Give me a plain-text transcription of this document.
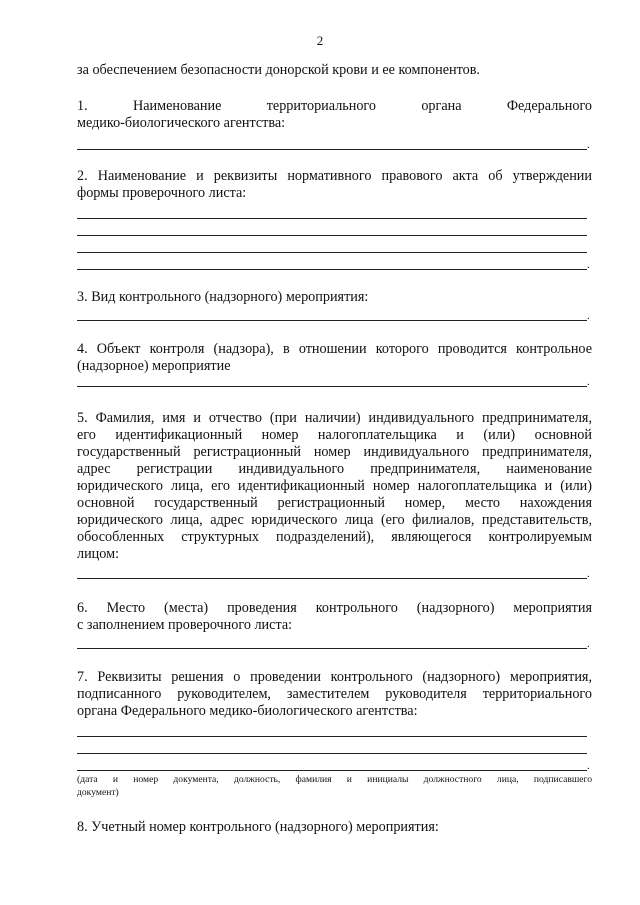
2

за обеспечением безопасности донорской крови и ее компонентов.

1. Наименование территориального органа Федерального

медико-биологического агентства:

.

2. Наименование и реквизиты нормативного правового акта об утверждении

формы проверочного листа:

.

3. Вид контрольного (надзорного) мероприятия:

.

4. Объект контроля (надзора), в отношении которого проводится контрольное

(надзорное) мероприятие

.

5. Фамилия, имя и отчество (при наличии) индивидуального предпринимателя,

его идентификационный номер налогоплательщика и (или) основной

государственный регистрационный номер индивидуального предпринимателя,

адрес регистрации индивидуального предпринимателя, наименование

юридического лица, его идентификационный номер налогоплательщика и (или)

основной государственный регистрационный номер, место нахождения

юридического лица, адрес юридического лица (его филиалов, представительств,

обособленных структурных подразделений), являющегося контролируемым

лицом:

.

6. Место (места) проведения контрольного (надзорного) мероприятия

с заполнением проверочного листа:

.

7. Реквизиты решения о проведении контрольного (надзорного) мероприятия,

подписанного руководителем, заместителем руководителя территориального

органа Федерального медико-биологического агентства:

.

(дата и номер документа, должность, фамилия и инициалы должностного лица, подписавшего

документ)

8. Учетный номер контрольного (надзорного) мероприятия:
